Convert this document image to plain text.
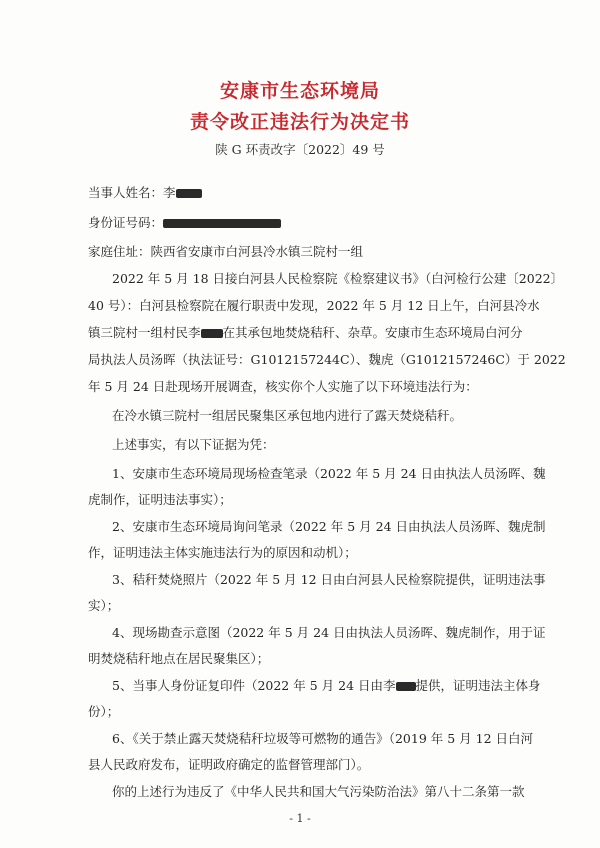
安康市生态环境局
责令改正违法行为决定书
陕 G 环责改字〔2022〕49 号
当事人姓名：李
身份证号码：
家庭住址：陕西省安康市白河县冷水镇三院村一组
2022 年 5 月 18 日接白河县人民检察院《检察建议书》（白河检行公建〔2022〕
40 号）：白河县检察院在履行职责中发现，2022 年 5 月 12 日上午，白河县冷水
镇三院村一组村民李 在其承包地焚烧秸秆、杂草。安康市生态环境局白河分
局执法人员汤晖（执法证号：G1012157244C）、魏虎（G1012157246C）于 2022
年 5 月 24 日赴现场开展调查，核实你个人实施了以下环境违法行为：
在冷水镇三院村一组居民聚集区承包地内进行了露天焚烧秸秆。
上述事实，有以下证据为凭：
1、安康市生态环境局现场检查笔录（2022 年 5 月 24 日由执法人员汤晖、魏
虎制作，证明违法事实）；
2、安康市生态环境局询问笔录（2022 年 5 月 24 日由执法人员汤晖、魏虎制
作，证明违法主体实施违法行为的原因和动机）；
3、秸秆焚烧照片（2022 年 5 月 12 日由白河县人民检察院提供，证明违法事
实）；
4、现场勘查示意图（2022 年 5 月 24 日由执法人员汤晖、魏虎制作，用于证
明焚烧秸秆地点在居民聚集区）；
5、当事人身份证复印件（2022 年 5 月 24 日由李 提供，证明违法主体身
份）；
6、《关于禁止露天焚烧秸秆垃圾等可燃物的通告》（2019 年 5 月 12 日白河
县人民政府发布，证明政府确定的监督管理部门）。
你的上述行为违反了《中华人民共和国大气污染防治法》第八十二条第一款
- 1 -
